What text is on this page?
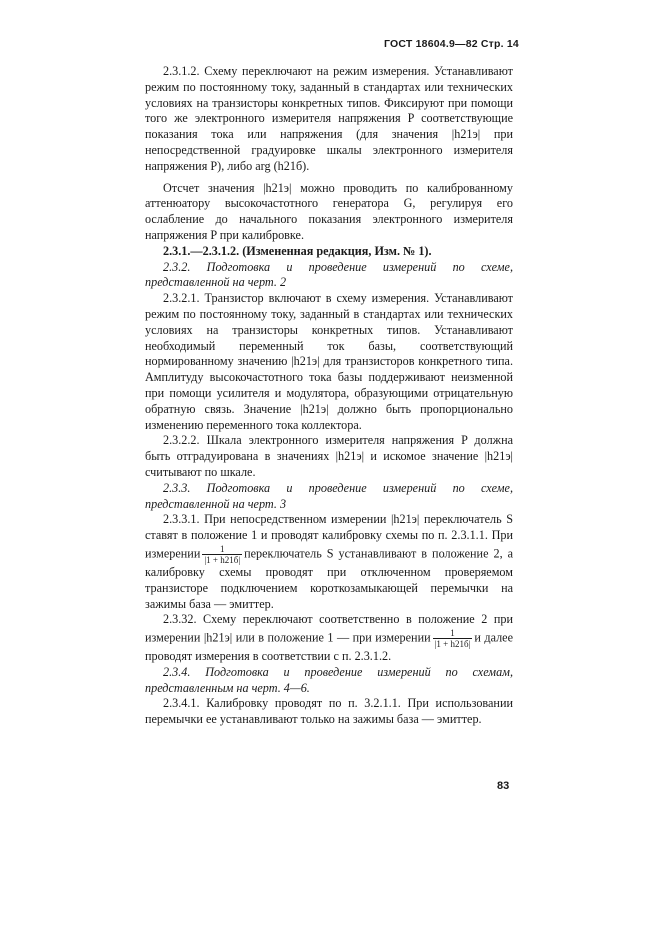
ГОСТ 18604.9—82 Стр. 14

2.3.1.2. Схему переключают на режим измерения. Устанавливают режим по постоянному току, заданный в стандартах или технических условиях на транзисторы конкретных типов. Фиксируют при помощи того же электронного измерителя напряжения P соответствующие показания тока или напряжения (для значения |h21э| при непосредственной градуировке шкалы электронного измерителя напряжения P), либо arg (h21б).

Отсчет значения |h21э| можно проводить по калиброванному аттенюатору высокочастотного генератора G, регулируя его ослабление до начального показания электронного измерителя напряжения P при калибровке.

2.3.1.—2.3.1.2. (Измененная редакция, Изм. № 1).

2.3.2. Подготовка и проведение измерений по схеме, представленной на черт. 2

2.3.2.1. Транзистор включают в схему измерения. Устанавливают режим по постоянному току, заданный в стандартах или технических условиях на транзисторы конкретных типов. Устанавливают необходимый переменный ток базы, соответствующий нормированному значению |h21э| для транзисторов конкретного типа. Амплитуду высокочастотного тока базы поддерживают неизменной при помощи усилителя и модулятора, образующими отрицательную обратную связь. Значение |h21э| должно быть пропорционально изменению переменного тока коллектора.

2.3.2.2. Шкала электронного измерителя напряжения P должна быть отградуирована в значениях |h21э| и искомое значение |h21э| считывают по шкале.

2.3.3. Подготовка и проведение измерений по схеме, представленной на черт. 3

2.3.3.1. При непосредственном измерении |h21э| переключатель S ставят в положение 1 и проводят калибровку схемы по п. 2.3.1.1. При измерении $\frac{1}{|1 + h21б|}$ переключатель S устанавливают в положение 2, а калибровку схемы проводят при отключенном проверяемом транзисторе подключением короткозамыкающей перемычки на зажимы база — эмиттер.

2.3.32. Схему переключают соответственно в положение 2 при измерении |h21э| или в положение 1 — при измерении $\frac{1}{|1 + h21б|}$ и далее проводят измерения в соответствии с п. 2.3.1.2.

2.3.4. Подготовка и проведение измерений по схемам, представленным на черт. 4—6.

2.3.4.1. Калибровку проводят по п. 3.2.1.1. При использовании перемычки ее устанавливают только на зажимы база — эмиттер.

83
